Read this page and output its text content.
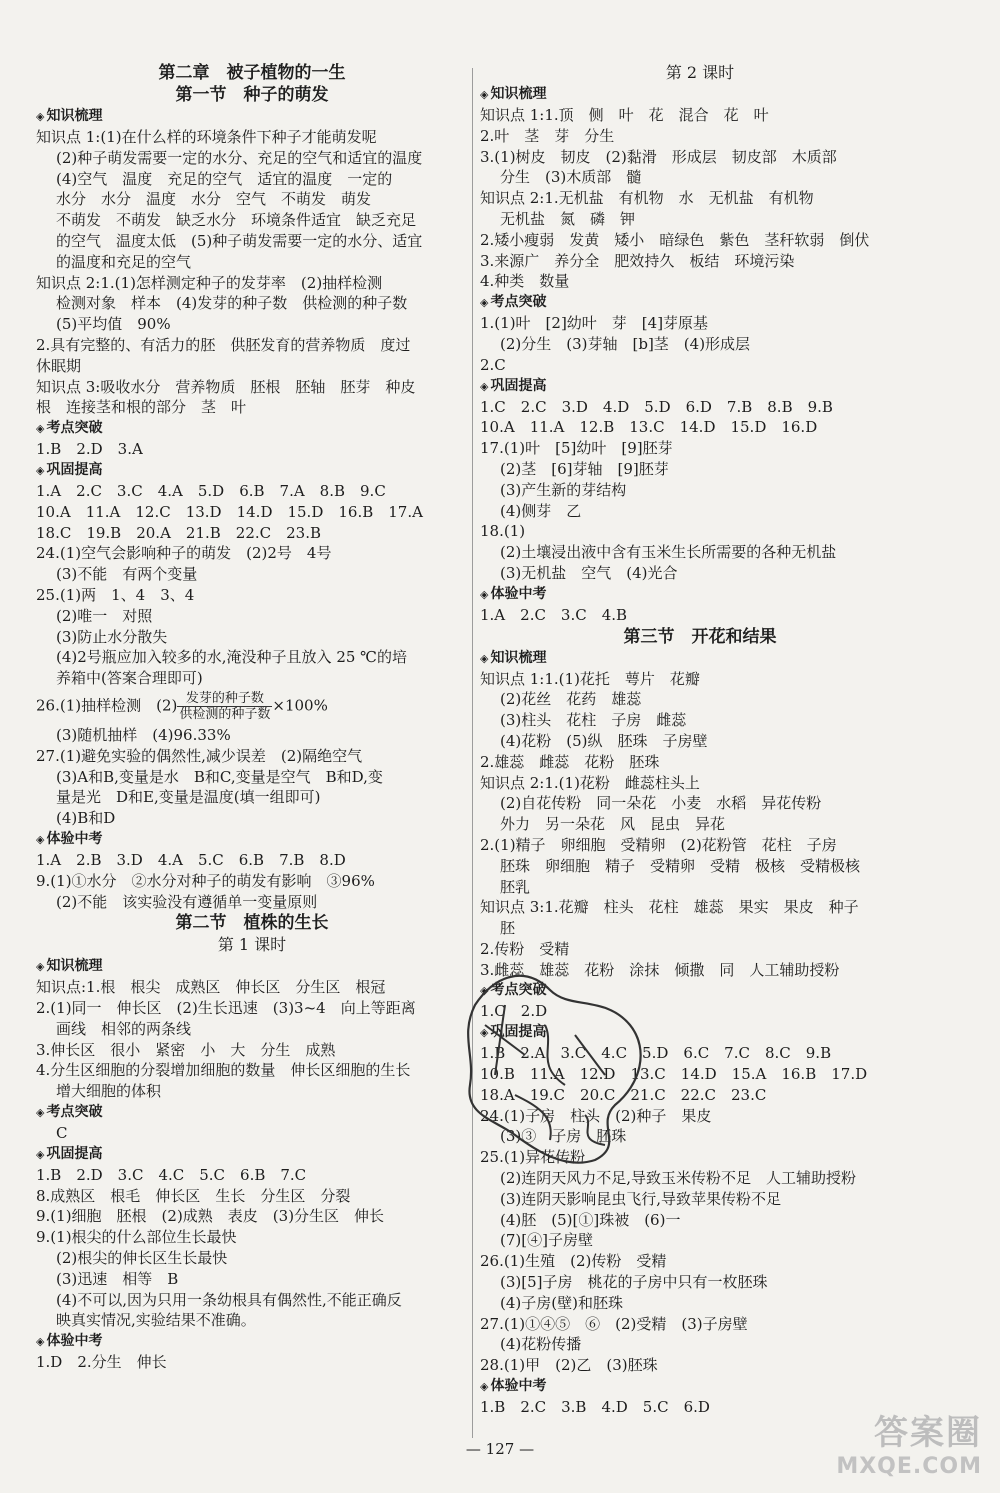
第二章　被子植物的一生
第一节　种子的萌发
◈ 知识梳理
知识点 1:(1)在什么样的环境条件下种子才能萌发呢
(2)种子萌发需要一定的水分、充足的空气和适宜的温度
(4)空气　温度　充足的空气　适宜的温度　一定的
水分　水分　温度　水分　空气　不萌发　萌发
不萌发　不萌发　缺乏水分　环境条件适宜　缺乏充足
的空气　温度太低　(5)种子萌发需要一定的水分、适宜
的温度和充足的空气
知识点 2:1.(1)怎样测定种子的发芽率　(2)抽样检测
检测对象　样本　(4)发芽的种子数　供检测的种子数
(5)平均值　90%
2.具有完整的、有活力的胚　供胚发育的营养物质　度过
休眠期
知识点 3:吸收水分　营养物质　胚根　胚轴　胚芽　种皮
根　连接茎和根的部分　茎　叶
◈ 考点突破
1.B　2.D　3.A
◈ 巩固提高
1.A　2.C　3.C　4.A　5.D　6.B　7.A　8.B　9.C
10.A　11.A　12.C　13.D　14.D　15.D　16.B　17.A
18.C　19.B　20.A　21.B　22.C　23.B
24.(1)空气会影响种子的萌发　(2)2号　4号
(3)不能　有两个变量
25.(1)两　1、4　3、4
(2)唯一　对照
(3)防止水分散失
(4)2号瓶应加入较多的水,淹没种子且放入 25 ℃的培
养箱中(答案合理即可)
26.(1)抽样检测　$(2) \frac{\text{发芽的种子数}}{\text{供检测的种子数}} \times 100\%$
(3)随机抽样　(4)96.33%
27.(1)避免实验的偶然性,减少误差　(2)隔绝空气
(3)A和B,变量是水　B和C,变量是空气　B和D,变
量是光　D和E,变量是温度(填一组即可)
(4)B和D
◈ 体验中考
1.A　2.B　3.D　4.A　5.C　6.B　7.B　8.D
9.(1)①水分　②水分对种子的萌发有影响　③96%
(2)不能　该实验没有遵循单一变量原则
第二节　植株的生长
第 1 课时
◈ 知识梳理
知识点:1.根　根尖　成熟区　伸长区　分生区　根冠
2.(1)同一　伸长区　(2)生长迅速　(3)3~4　向上等距离
画线　相邻的两条线
3.伸长区　很小　紧密　小　大　分生　成熟
4.分生区细胞的分裂增加细胞的数量　伸长区细胞的生长
增大细胞的体积
◈ 考点突破
C
◈ 巩固提高
1.B　2.D　3.C　4.C　5.C　6.B　7.C
8.成熟区　根毛　伸长区　生长　分生区　分裂
9.(1)细胞　胚根　(2)成熟　表皮　(3)分生区　伸长
9.(1)根尖的什么部位生长最快
(2)根尖的伸长区生长最快
(3)迅速　相等　B
(4)不可以,因为只用一条幼根具有偶然性,不能正确反
映真实情况,实验结果不准确。
◈ 体验中考
1.D　2.分生　伸长
第 2 课时
◈ 知识梳理
知识点 1:1.顶　侧　叶　花　混合　花　叶
2.叶　茎　芽　分生
3.(1)树皮　韧皮　(2)黏滑　形成层　韧皮部　木质部
分生　(3)木质部　髓
知识点 2:1.无机盐　有机物　水　无机盐　有机物
无机盐　氮　磷　钾
2.矮小瘦弱　发黄　矮小　暗绿色　紫色　茎秆软弱　倒伏
3.来源广　养分全　肥效持久　板结　环境污染
4.种类　数量
◈ 考点突破
1.(1)叶　[2]幼叶　芽　[4]芽原基
(2)分生　(3)芽轴　[b]茎　(4)形成层
2.C
◈ 巩固提高
1.C　2.C　3.D　4.D　5.D　6.D　7.B　8.B　9.B
10.A　11.A　12.B　13.C　14.D　15.D　16.D
17.(1)叶　[5]幼叶　[9]胚芽
(2)茎　[6]芽轴　[9]胚芽
(3)产生新的芽结构
(4)侧芽　乙
18.(1)
(2)土壤浸出液中含有玉米生长所需要的各种无机盐
(3)无机盐　空气　(4)光合
◈ 体验中考
1.A　2.C　3.C　4.B
第三节　开花和结果
◈ 知识梳理
知识点 1:1.(1)花托　萼片　花瓣
(2)花丝　花药　雄蕊
(3)柱头　花柱　子房　雌蕊
(4)花粉　(5)纵　胚珠　子房壁
2.雄蕊　雌蕊　花粉　胚珠
知识点 2:1.(1)花粉　雌蕊柱头上
(2)自花传粉　同一朵花　小麦　水稻　异花传粉
外力　另一朵花　风　昆虫　异花
2.(1)精子　卵细胞　受精卵　(2)花粉管　花柱　子房
胚珠　卵细胞　精子　受精卵　受精　极核　受精极核
胚乳
知识点 3:1.花瓣　柱头　花柱　雄蕊　果实　果皮　种子
胚
2.传粉　受精
3.雌蕊　雄蕊　花粉　涂抹　倾撒　同　人工辅助授粉
◈ 考点突破
1.C　2.D
◈ 巩固提高
1.B　2.A　3.C　4.C　5.D　6.C　7.C　8.C　9.B
10.B　11.A　12.D　13.C　14.D　15.A　16.B　17.D
18.A　19.C　20.C　21.C　22.C　23.C
24.(1)子房　柱头　(2)种子　果皮
(3)③　子房　胚珠
25.(1)异花传粉
(2)连阴天风力不足,导致玉米传粉不足　人工辅助授粉
(3)连阴天影响昆虫飞行,导致苹果传粉不足
(4)胚　(5)[①]珠被　(6)一
(7)[④]子房壁
26.(1)生殖　(2)传粉　受精
(3)[5]子房　桃花的子房中只有一枚胚珠
(4)子房(壁)和胚珠
27.(1)①④⑤　⑥　(2)受精　(3)子房壁
(4)花粉传播
28.(1)甲　(2)乙　(3)胚珠
◈ 体验中考
1.B　2.C　3.B　4.D　5.C　6.D
— 127 —	答案圈
MXQE.COM
